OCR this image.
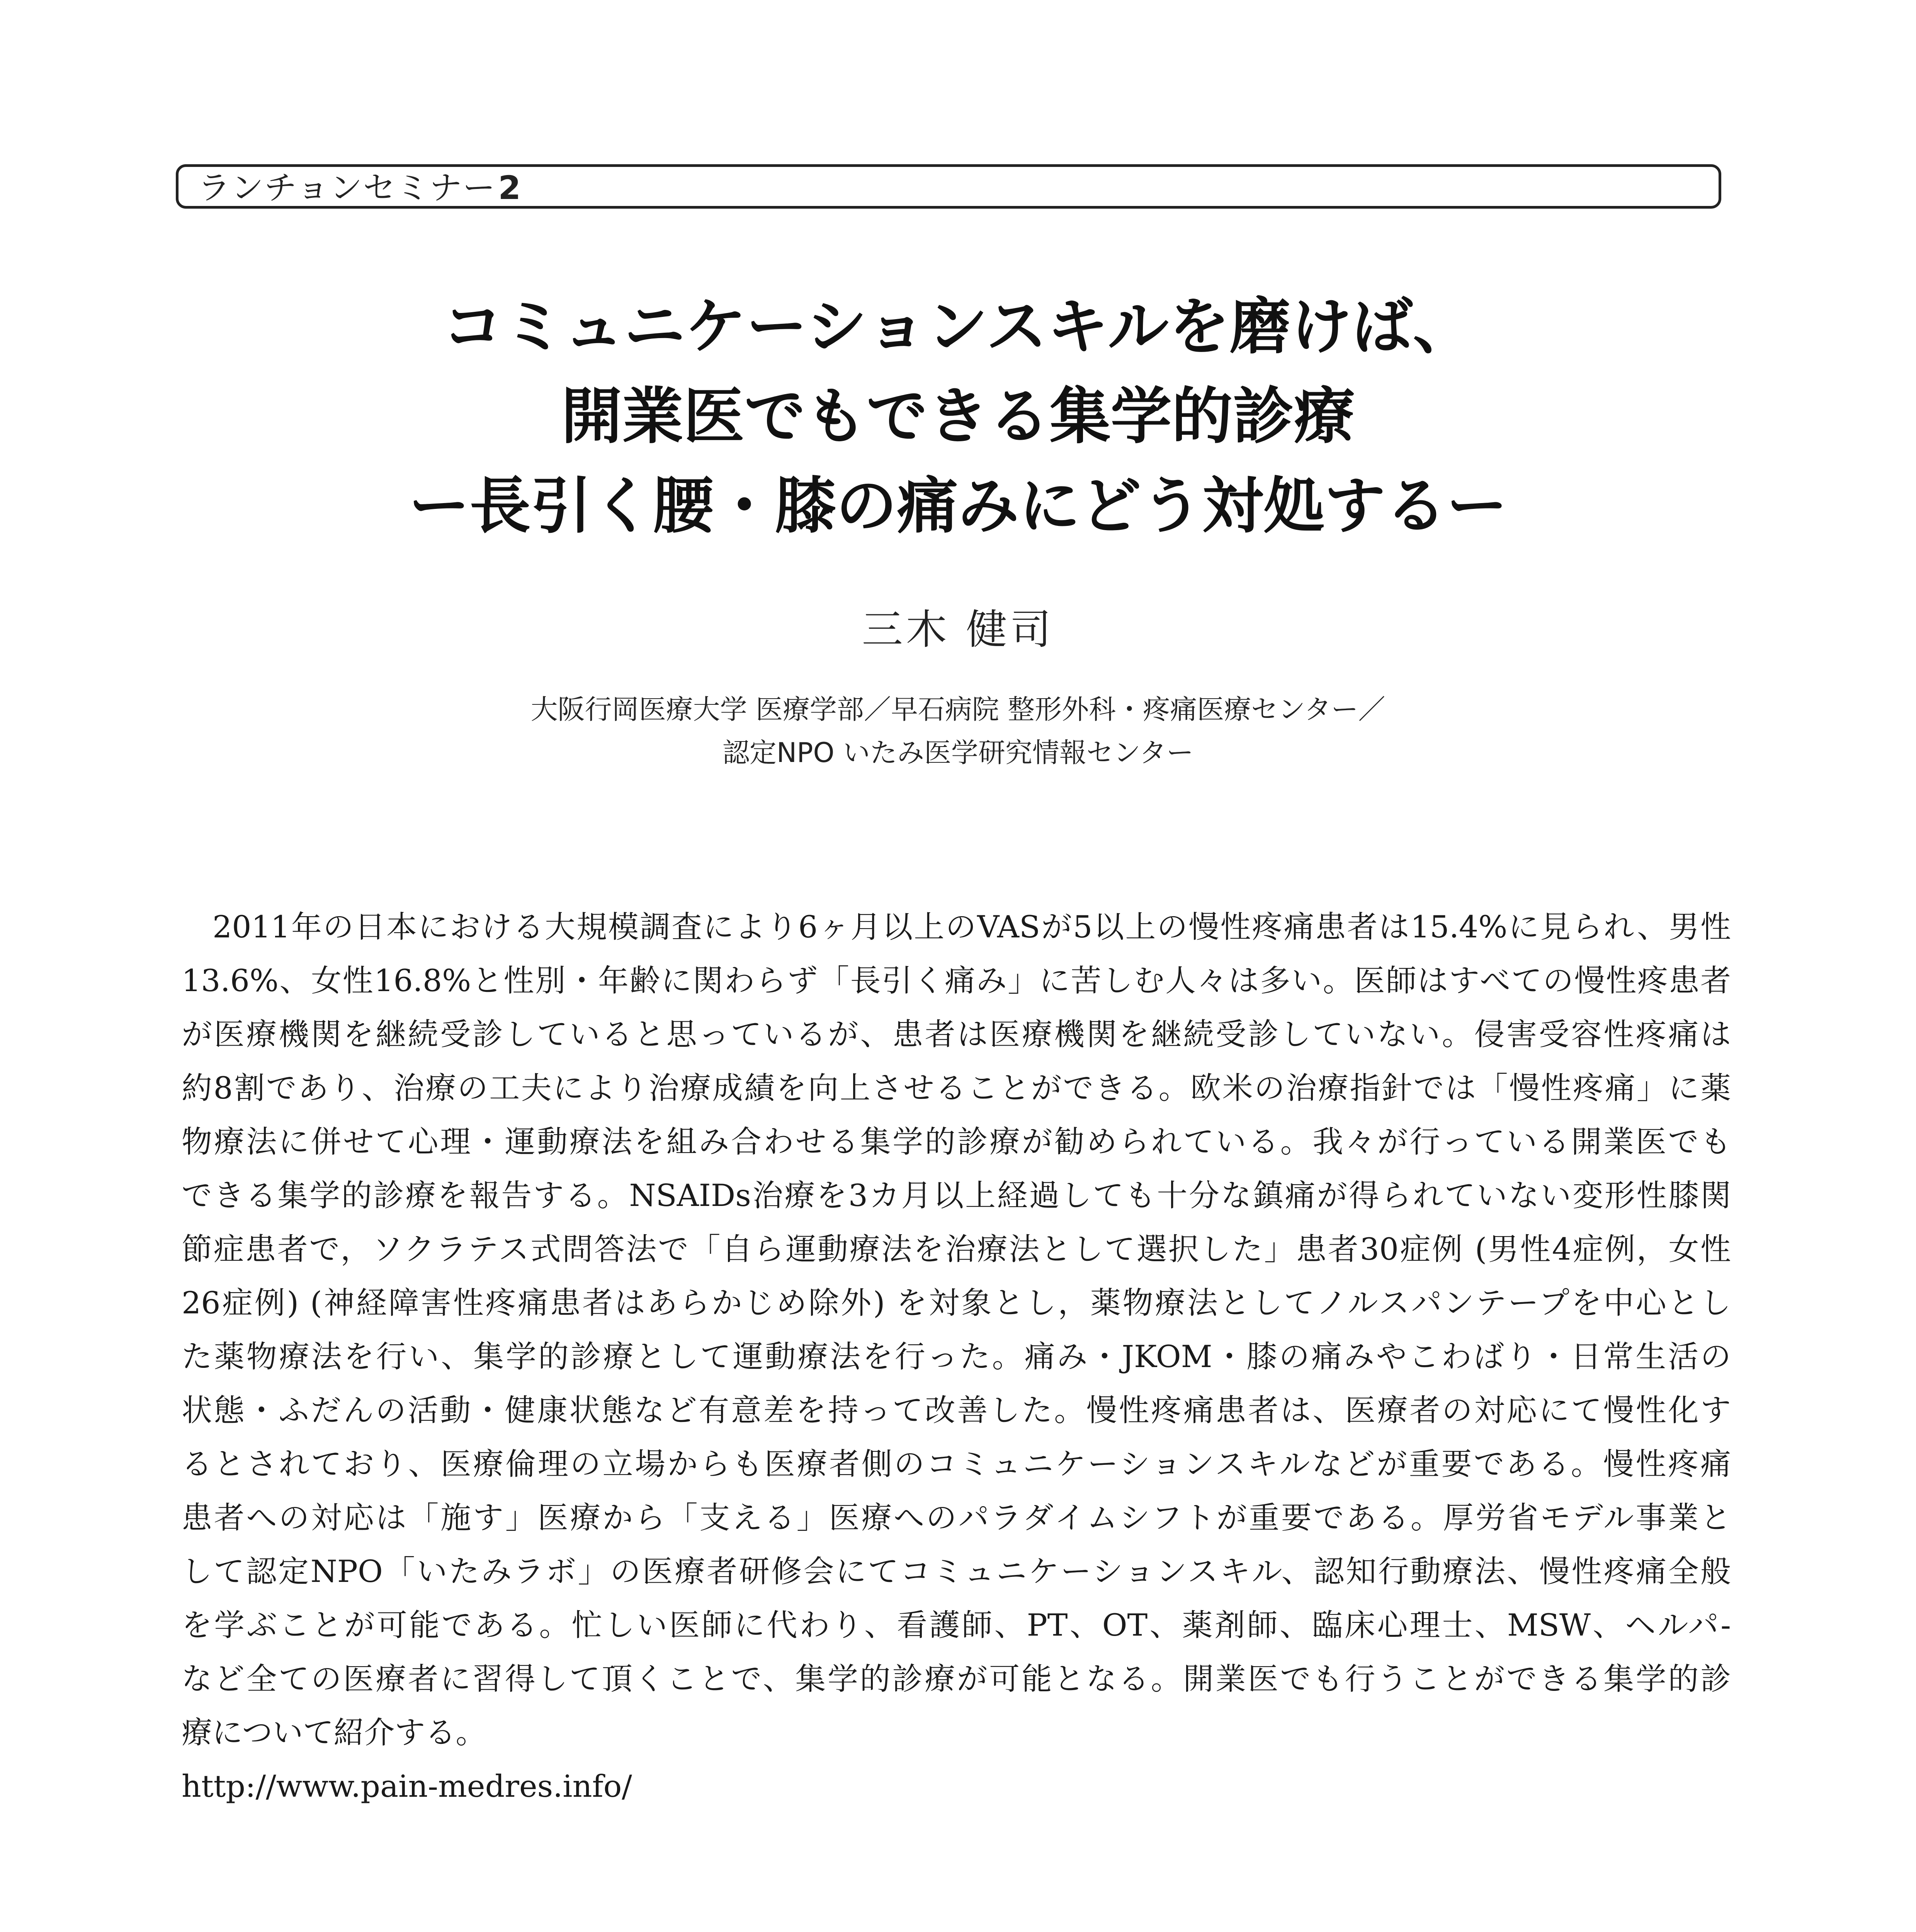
ランチョンセミナー2
コミュニケーションスキルを磨けば、
開業医でもできる集学的診療
ー長引く腰・膝の痛みにどう対処するー
三木 健司
大阪行岡医療大学 医療学部／早石病院 整形外科・疼痛医療センター／
認定NPO いたみ医学研究情報センター
2011年の日本における大規模調査により6ヶ月以上のVASが5以上の慢性疼痛患者は15.4%に見られ、男性
13.6%、女性16.8%と性別・年齢に関わらず「長引く痛み」に苦しむ人々は多い。医師はすべての慢性疼患者
が医療機関を継続受診していると思っているが、患者は医療機関を継続受診していない。侵害受容性疼痛は
約8割であり、治療の工夫により治療成績を向上させることができる。欧米の治療指針では「慢性疼痛」に薬
物療法に併せて心理・運動療法を組み合わせる集学的診療が勧められている。我々が行っている開業医でも
できる集学的診療を報告する。NSAIDs治療を3カ月以上経過しても十分な鎮痛が得られていない変形性膝関
節症患者で，ソクラテス式問答法で「自ら運動療法を治療法として選択した」患者30症例 (男性4症例，女性
26症例) (神経障害性疼痛患者はあらかじめ除外) を対象とし，薬物療法としてノルスパンテープを中心とし
た薬物療法を行い、集学的診療として運動療法を行った。痛み・JKOM・膝の痛みやこわばり・日常生活の
状態・ふだんの活動・健康状態など有意差を持って改善した。慢性疼痛患者は、医療者の対応にて慢性化す
るとされており、医療倫理の立場からも医療者側のコミュニケーションスキルなどが重要である。慢性疼痛
患者への対応は「施す」医療から「支える」医療へのパラダイムシフトが重要である。厚労省モデル事業と
して認定NPO「いたみラボ」の医療者研修会にてコミュニケーションスキル、認知行動療法、慢性疼痛全般
を学ぶことが可能である。忙しい医師に代わり、看護師、PT、OT、薬剤師、臨床心理士、MSW、ヘルパ-
など全ての医療者に習得して頂くことで、集学的診療が可能となる。開業医でも行うことができる集学的診
療について紹介する。
http://www.pain-medres.info/
